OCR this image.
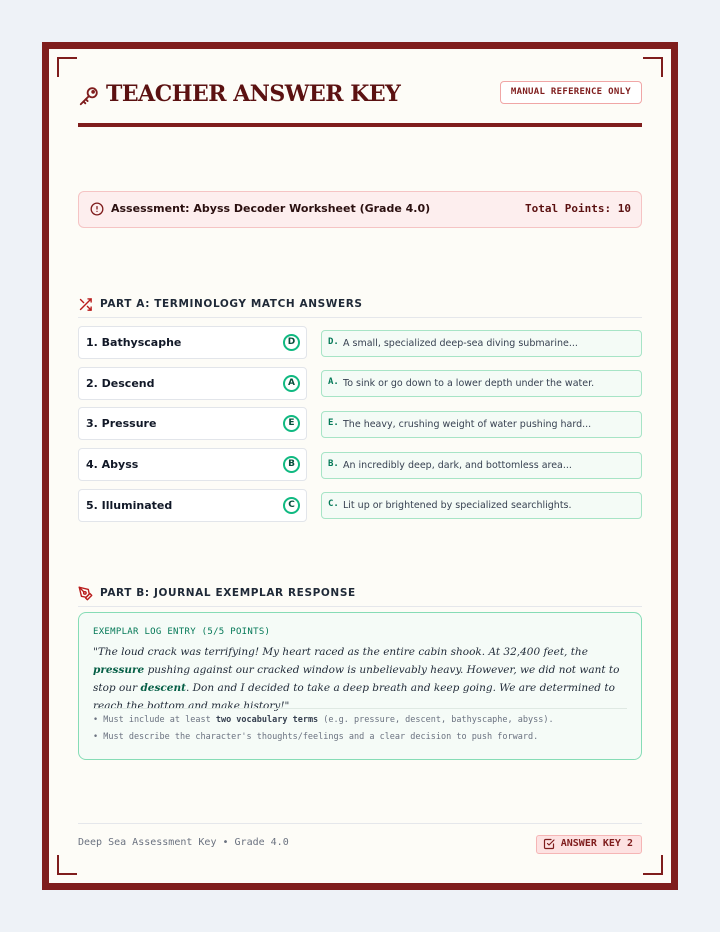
TEACHER ANSWER KEY	MANUAL REFERENCE ONLY
Assessment: Abyss Decoder Worksheet (Grade 4.0)	Total Points: 10
PART A: TERMINOLOGY MATCH ANSWERS
1. Bathyscaphe	D	D. A small, specialized deep-sea diving submarine...
2. Descend	A	A. To sink or go down to a lower depth under the water.
3. Pressure	E	E. The heavy, crushing weight of water pushing hard...
4. Abyss	B	B. An incredibly deep, dark, and bottomless area...
5. Illuminated	C	C. Lit up or brightened by specialized searchlights.
PART B: JOURNAL EXEMPLAR RESPONSE
EXEMPLAR LOG ENTRY (5/5 POINTS)
"The loud crack was terrifying! My heart raced as the entire cabin shook. At 32,400 feet, the pressure pushing against our cracked window is unbelievably heavy. However, we did not want to stop our descent. Don and I decided to take a deep breath and keep going. We are determined to reach the bottom and make history!"
• Must include at least two vocabulary terms (e.g. pressure, descent, bathyscaphe, abyss).
• Must describe the character's thoughts/feelings and a clear decision to push forward.
Deep Sea Assessment Key • Grade 4.0	ANSWER KEY 2
